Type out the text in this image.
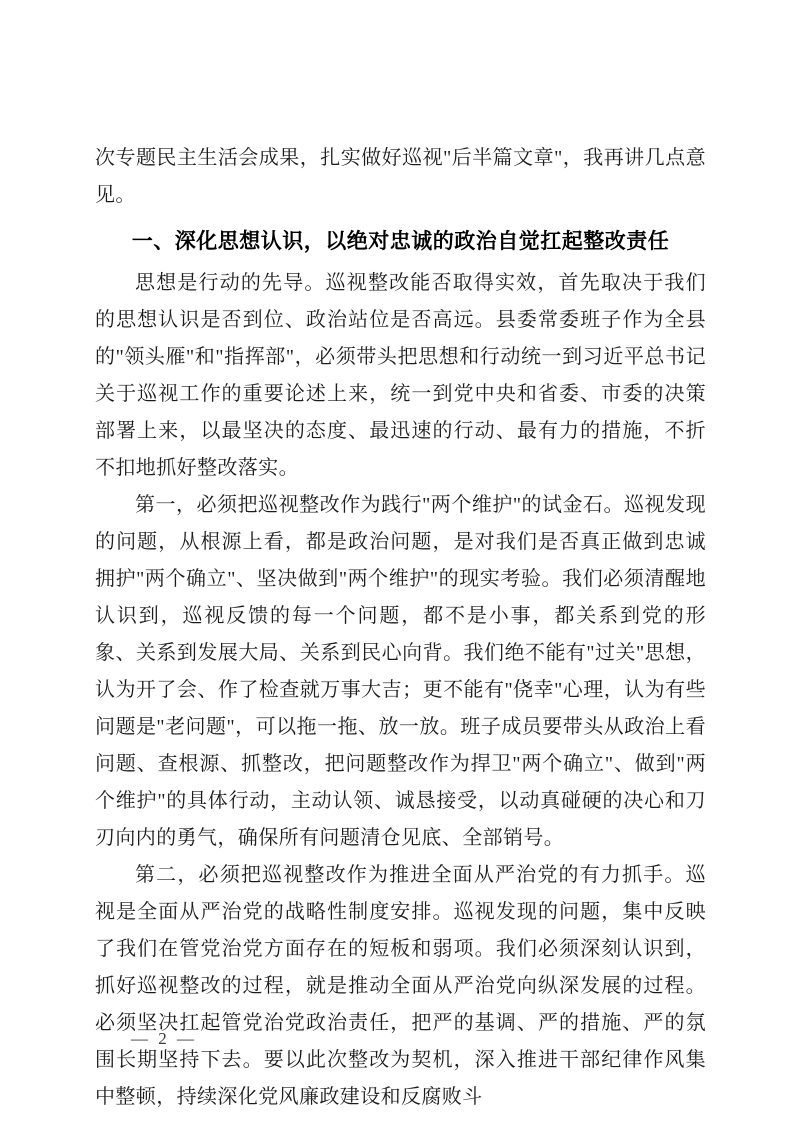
次专题民主生活会成果，扎实做好巡视"后半篇文章"，我再讲几点意见。

一、深化思想认识，以绝对忠诚的政治自觉扛起整改责任

思想是行动的先导。巡视整改能否取得实效，首先取决于我们的思想认识是否到位、政治站位是否高远。县委常委班子作为全县的"领头雁"和"指挥部"，必须带头把思想和行动统一到习近平总书记关于巡视工作的重要论述上来，统一到党中央和省委、市委的决策部署上来，以最坚决的态度、最迅速的行动、最有力的措施，不折不扣地抓好整改落实。

第一，必须把巡视整改作为践行"两个维护"的试金石。巡视发现的问题，从根源上看，都是政治问题，是对我们是否真正做到忠诚拥护"两个确立"、坚决做到"两个维护"的现实考验。我们必须清醒地认识到，巡视反馈的每一个问题，都不是小事，都关系到党的形象、关系到发展大局、关系到民心向背。我们绝不能有"过关"思想，认为开了会、作了检查就万事大吉；更不能有"侥幸"心理，认为有些问题是"老问题"，可以拖一拖、放一放。班子成员要带头从政治上看问题、查根源、抓整改，把问题整改作为捍卫"两个确立"、做到"两个维护"的具体行动，主动认领、诚恳接受，以动真碰硬的决心和刀刃向内的勇气，确保所有问题清仓见底、全部销号。

第二，必须把巡视整改作为推进全面从严治党的有力抓手。巡视是全面从严治党的战略性制度安排。巡视发现的问题，集中反映了我们在管党治党方面存在的短板和弱项。我们必须深刻认识到，抓好巡视整改的过程，就是推动全面从严治党向纵深发展的过程。必须坚决扛起管党治党政治责任，把严的基调、严的措施、严的氛围长期坚持下去。要以此次整改为契机，深入推进干部纪律作风集中整顿，持续深化党风廉政建设和反腐败斗

— 2 —
